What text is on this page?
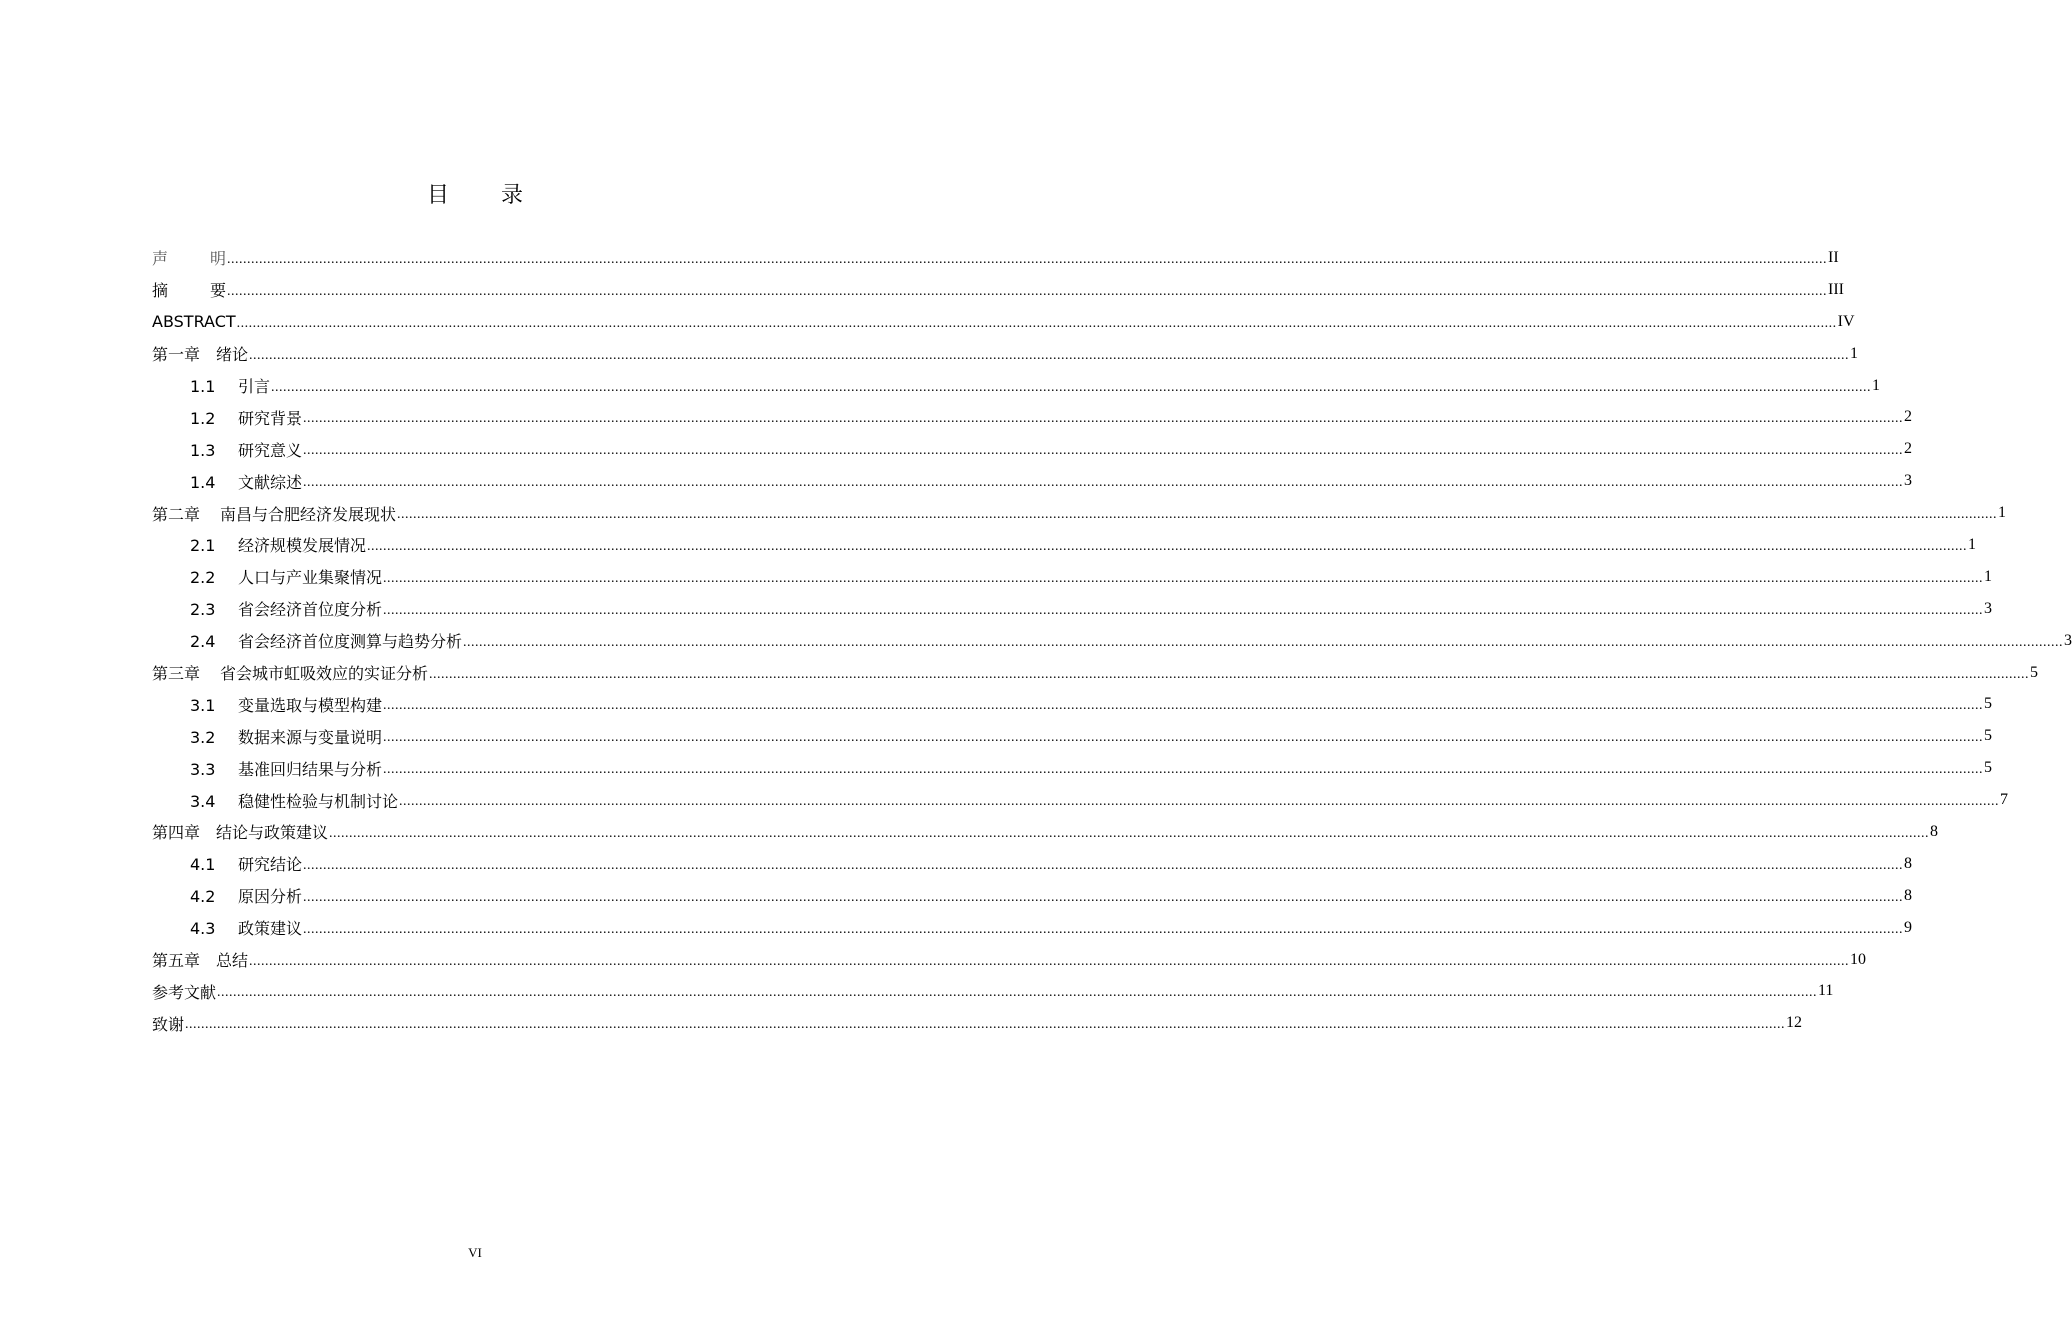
目 录
声	明 ................................................................................................................................................................................................................................................................................................................................................................................................................ II
摘	要 ................................................................................................................................................................................................................................................................................................................................................................................................................ III
ABSTRACT ................................................................................................................................................................................................................................................................................................................................................................................................................ IV
第一章 绪论 ................................................................................................................................................................................................................................................................................................................................................................................................................ 1
1.1 引言 ................................................................................................................................................................................................................................................................................................................................................................................................................ 1
1.2 研究背景 ................................................................................................................................................................................................................................................................................................................................................................................................................ 2
1.3 研究意义 ................................................................................................................................................................................................................................................................................................................................................................................................................ 2
1.4 文献综述 ................................................................................................................................................................................................................................................................................................................................................................................................................ 3
第二章 南昌与合肥经济发展现状 ................................................................................................................................................................................................................................................................................................................................................................................................................ 1
2.1 经济规模发展情况 ................................................................................................................................................................................................................................................................................................................................................................................................................ 1
2.2 人口与产业集聚情况 ................................................................................................................................................................................................................................................................................................................................................................................................................ 1
2.3 省会经济首位度分析 ................................................................................................................................................................................................................................................................................................................................................................................................................ 3
2.4 省会经济首位度测算与趋势分析 ................................................................................................................................................................................................................................................................................................................................................................................................................ 3
第三章 省会城市虹吸效应的实证分析 ................................................................................................................................................................................................................................................................................................................................................................................................................ 5
3.1 变量选取与模型构建 ................................................................................................................................................................................................................................................................................................................................................................................................................ 5
3.2 数据来源与变量说明 ................................................................................................................................................................................................................................................................................................................................................................................................................ 5
3.3 基准回归结果与分析 ................................................................................................................................................................................................................................................................................................................................................................................................................ 5
3.4 稳健性检验与机制讨论 ................................................................................................................................................................................................................................................................................................................................................................................................................ 7
第四章 结论与政策建议 ................................................................................................................................................................................................................................................................................................................................................................................................................ 8
4.1 研究结论 ................................................................................................................................................................................................................................................................................................................................................................................................................ 8
4.2 原因分析 ................................................................................................................................................................................................................................................................................................................................................................................................................ 8
4.3 政策建议 ................................................................................................................................................................................................................................................................................................................................................................................................................ 9
第五章 总结 ................................................................................................................................................................................................................................................................................................................................................................................................................ 10
参考文献 ................................................................................................................................................................................................................................................................................................................................................................................................................ 11
致谢 ................................................................................................................................................................................................................................................................................................................................................................................................................ 12
VI
